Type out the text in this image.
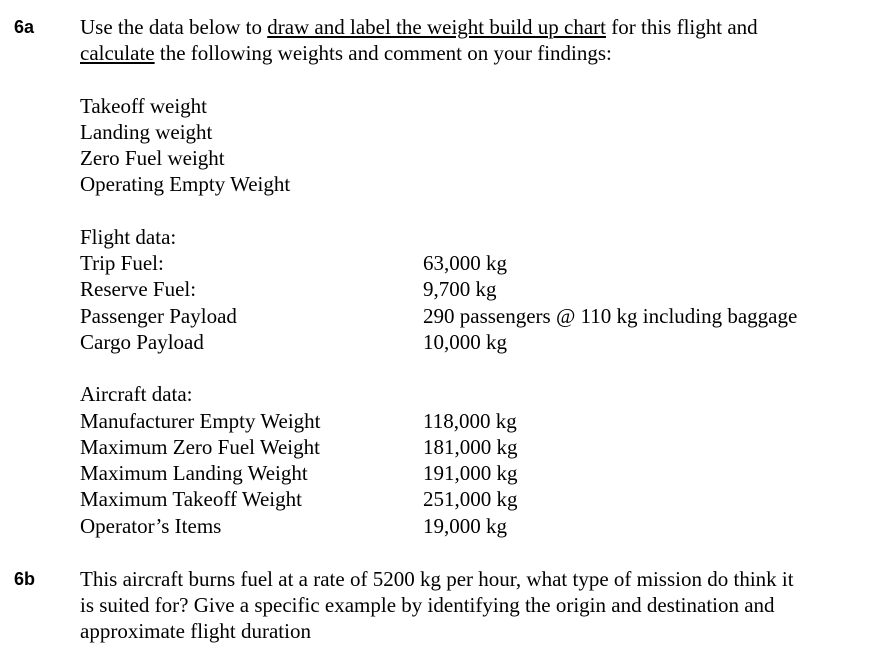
6a Use the data below to draw and label the weight build up chart for this flight and
calculate the following weights and comment on your findings:
Takeoff weight
Landing weight
Zero Fuel weight
Operating Empty Weight
Flight data:
Trip Fuel:	63,000 kg
Reserve Fuel:	9,700 kg
Passenger Payload	290 passengers @ 110 kg including baggage
Cargo Payload	10,000 kg
Aircraft data:
Manufacturer Empty Weight	118,000 kg
Maximum Zero Fuel Weight	181,000 kg
Maximum Landing Weight	191,000 kg
Maximum Takeoff Weight	251,000 kg
Operator’s Items	19,000 kg
6b This aircraft burns fuel at a rate of 5200 kg per hour, what type of mission do think it
is suited for? Give a specific example by identifying the origin and destination and
approximate flight duration
